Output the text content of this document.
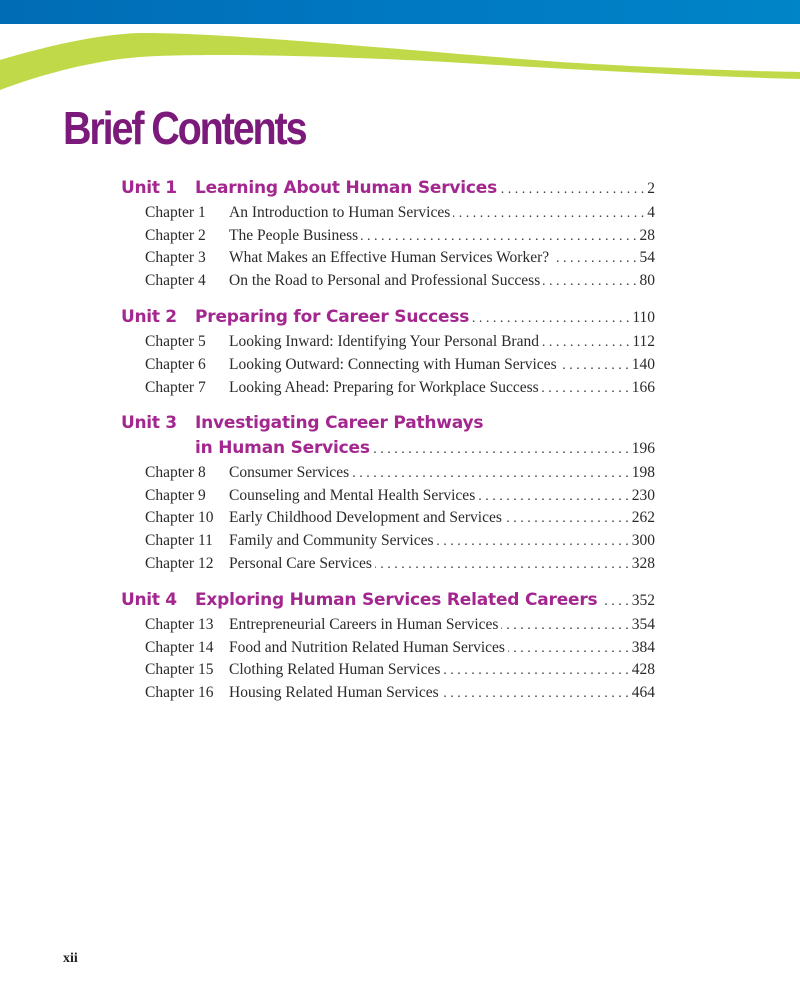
Brief Contents
Unit 1	Learning About Human Services . . .	2
Chapter 1	An Introduction to Human Services . . .	4
Chapter 2	The People Business . . .	28
Chapter 3	What Makes an Effective Human Services Worker? . . .	54
Chapter 4	On the Road to Personal and Professional Success . . .	80
Unit 2	Preparing for Career Success . . .	110
Chapter 5	Looking Inward: Identifying Your Personal Brand . . .	112
Chapter 6	Looking Outward: Connecting with Human Services . . .	140
Chapter 7	Looking Ahead: Preparing for Workplace Success . . .	166
Unit 3	Investigating Career Pathways
in Human Services . . .	196
Chapter 8	Consumer Services . . .	198
Chapter 9	Counseling and Mental Health Services . . .	230
Chapter 10	Early Childhood Development and Services . . .	262
Chapter 11	Family and Community Services . . .	300
Chapter 12	Personal Care Services . . .	328
Unit 4	Exploring Human Services Related Careers . . . 352
Chapter 13	Entrepreneurial Careers in Human Services . . .	354
Chapter 14	Food and Nutrition Related Human Services . . .	384
Chapter 15	Clothing Related Human Services . . .	428
Chapter 16	Housing Related Human Services . . .	464
xii
